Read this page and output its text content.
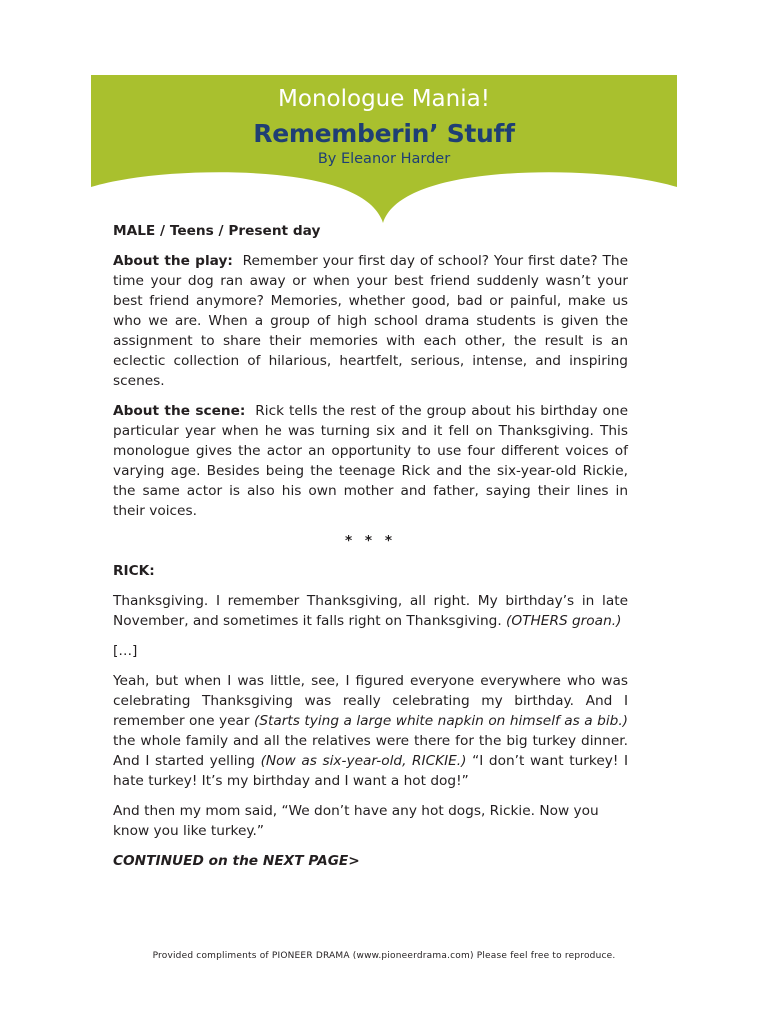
Monologue Mania!
Rememberin’ Stuff
By Eleanor Harder

MALE / Teens / Present day

About the play: Remember your first day of school? Your first date? The time your dog ran away or when your best friend suddenly wasn’t your best friend anymore? Memories, whether good, bad or painful, make us who we are. When a group of high school drama students is given the assignment to share their memories with each other, the result is an eclectic collection of hilarious, heartfelt, serious, intense, and inspiring scenes.

About the scene: Rick tells the rest of the group about his birthday one particular year when he was turning six and it fell on Thanksgiving. This monologue gives the actor an opportunity to use four different voices of varying age. Besides being the teenage Rick and the six-year-old Rickie, the same actor is also his own mother and father, saying their lines in their voices.

* * *

RICK:

Thanksgiving. I remember Thanksgiving, all right. My birthday’s in late November, and sometimes it falls right on Thanksgiving. (OTHERS groan.)

[…]

Yeah, but when I was little, see, I figured everyone everywhere who was celebrating Thanksgiving was really celebrating my birthday. And I remember one year (Starts tying a large white napkin on himself as a bib.) the whole family and all the relatives were there for the big turkey dinner. And I started yelling (Now as six-year-old, RICKIE.) “I don’t want turkey! I hate turkey! It’s my birthday and I want a hot dog!”

And then my mom said, “We don’t have any hot dogs, Rickie. Now you know you like turkey.”

CONTINUED on the NEXT PAGE>

Provided compliments of PIONEER DRAMA (www.pioneerdrama.com) Please feel free to reproduce.
